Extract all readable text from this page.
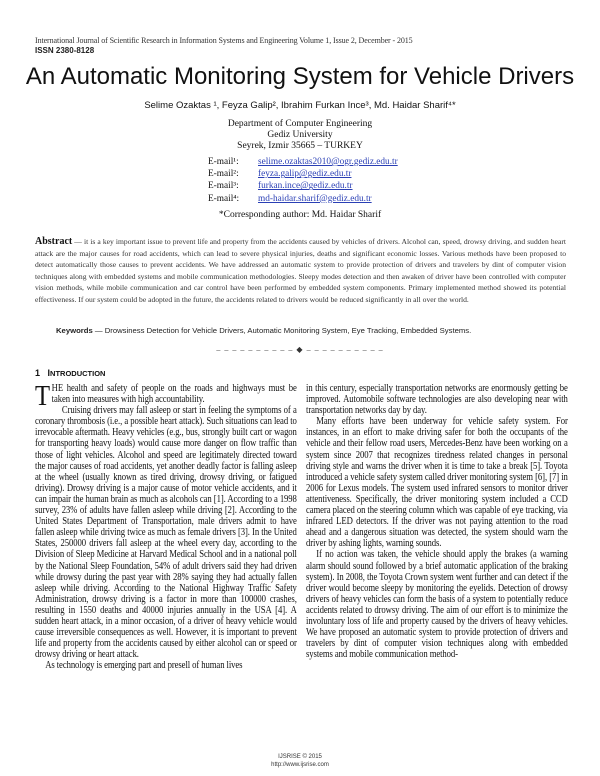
International Journal of Scientific Research in Information Systems and Engineering Volume 1, Issue 2, December - 2015
ISSN 2380-8128
An Automatic Monitoring System for Vehicle Drivers
Selime Ozaktas ¹, Feyza Galip², Ibrahim Furkan Ince³, Md. Haidar Sharif⁴*
Department of Computer Engineering
Gediz University
Seyrek, Izmir 35665 – TURKEY
E-mail¹:	selime.ozaktas2010@ogr.gediz.edu.tr
E-mail²:	feyza.galip@gediz.edu.tr
E-mail³:	furkan.ince@gediz.edu.tr
E-mail⁴:	md-haidar.sharif@gediz.edu.tr
*Corresponding author: Md. Haidar Sharif
Abstract — it is a key important issue to prevent life and property from the accidents caused by vehicles of drivers. Alcohol can, speed, drowsy driving, and sudden heart attack are the major causes for road accidents, which can lead to severe physical injuries, deaths and significant economic losses. Various methods have been proposed to detect automatically those causes to prevent accidents. We have addressed an automatic system to provide protection of drivers and travelers by dint of computer vision techniques along with embedded systems and mobile communication methodologies. Sleepy modes detection and then awaken of driver have been controlled with computer vision methods, while mobile communication and car control have been performed by embedded system components. Primary implemented method showed its potential effectiveness. If our system could be adopted in the future, the accidents related to drivers would be reduced significantly in all over the world.
Keywords — Drowsiness Detection for Vehicle Drivers, Automatic Monitoring System, Eye Tracking, Embedded Systems.
– – – – – – – – – – ◆ – – – – – – – – – –
1 INTRODUCTION

THE health and safety of people on the roads and highways must be taken into measures with high accountability.

Cruising drivers may fall asleep or start in feeling the symptoms of a coronary thrombosis (i.e., a possible heart attack). Such situations can lead to irrevocable aftermath. Heavy vehicles (e.g., bus, strongly built cart or wagon for transporting heavy loads) would cause more danger on flow traffic than those of light vehicles. Alcohol and speed are legitimately directed toward the major causes of road accidents, yet another deadly factor is falling asleep at the wheel (usually known as tired driving, drowsy driving, or fatigued driving). Drowsy driving is a major cause of motor vehicle accidents, and it can impair the human brain as much as alcohols can [1]. According to a 1998 survey, 23% of adults have fallen asleep while driving [2]. According to the United States Department of Transportation, male drivers admit to have fallen asleep while driving twice as much as female drivers [3]. In the United States, 250000 drivers fall asleep at the wheel every day, according to the Division of Sleep Medicine at Harvard Medical School and in a national poll by the National Sleep Foundation, 54% of adult drivers said they had driven while drowsy during the past year with 28% saying they had actually fallen asleep while driving. According to the National Highway Traffic Safety Administration, drowsy driving is a factor in more than 100000 crashes, resulting in 1550 deaths and 40000 injuries annually in the USA [4]. A sudden heart attack, in a minor occasion, of a driver of heavy vehicle would cause irreversible consequences as well. However, it is important to prevent life and property from the accidents caused by either alcohol can or speed or drowsy driving or heart attack.

As technology is emerging part and presell of human lives

in this century, especially transportation networks are enormously getting be improved. Automobile software technologies are also developing near with transportation networks day by day.

Many efforts have been underway for vehicle safety system. For instances, in an effort to make driving safer for both the occupants of the vehicle and their fellow road users, Mercedes-Benz have been working on a system since 2007 that recognizes tiredness related changes in personal driving style and warns the driver when it is time to take a break [5]. Toyota introduced a vehicle safety system called driver monitoring system [6], [7] in 2006 for Lexus models. The system used infrared sensors to monitor driver attentiveness. Specifically, the driver monitoring system included a CCD camera placed on the steering column which was capable of eye tracking, via infrared LED detectors. If the driver was not paying attention to the road ahead and a dangerous situation was detected, the system should warn the driver by ashing lights, warning sounds.

If no action was taken, the vehicle should apply the brakes (a warning alarm should sound followed by a brief automatic application of the braking system). In 2008, the Toyota Crown system went further and can detect if the driver would become sleepy by monitoring the eyelids. Detection of drowsy drivers of heavy vehicles can form the basis of a system to potentially reduce accidents related to drowsy driving. The aim of our effort is to minimize the involuntary loss of life and property caused by the drivers of heavy vehicles. We have proposed an automatic system to provide protection of drivers and travelers by dint of computer vision techniques along with embedded systems and mobile communication method-

IJSRISE © 2015
http://www.ijsrise.com
